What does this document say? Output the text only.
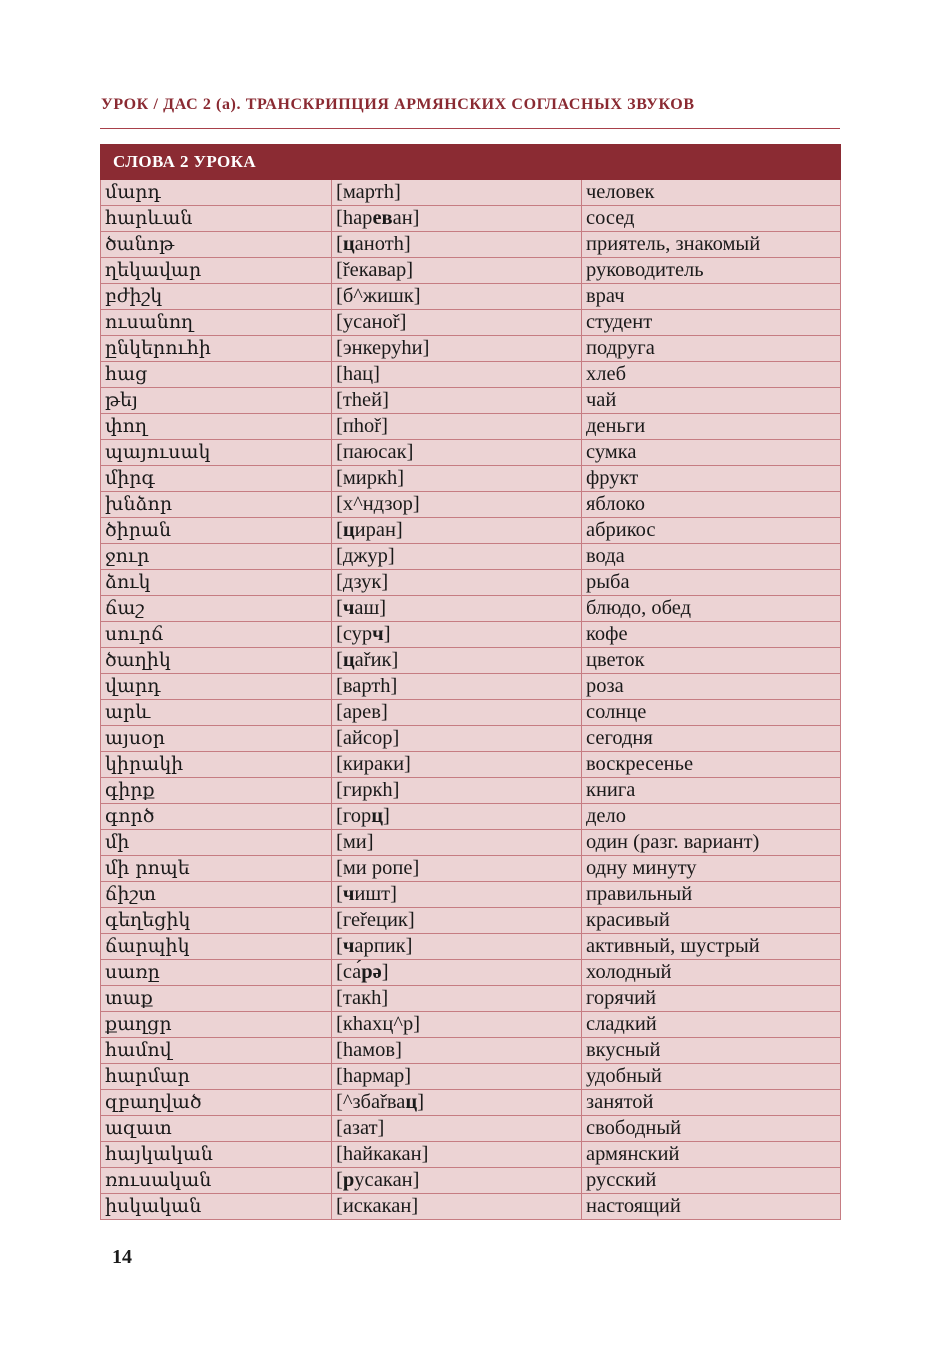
УРОК / ДАС 2 (а). ТРАНСКРИПЦИЯ АРМЯНСКИХ СОГЛАСНЫХ ЗВУКОВ
СЛОВА 2 УРОКА		
մարդ	[мартh]	человек
հարևան	[hареван]	сосед
ծանոթ	[цанотh]	приятель, знакомый
ղեկավար	[řекавар]	руководитель
բժիշկ	[б^жишк]	врач
ուսանող	[усаноř]	студент
ընկերուհի	[энкеруhи]	подруга
հաց	[hац]	хлеб
թեյ	[тhей]	чай
փող	[пhoř]	деньги
պայուսակ	[паюсак]	сумка
միրգ	[миркh]	фрукт
խնձոր	[х^ндзор]	яблоко
ծիրան	[циран]	абрикос
ջուր	[джур]	вода
ձուկ	[дзук]	рыба
ճաշ	[чаш]	блюдо, обед
սուրճ	[сурч]	кофе
ծաղիկ	[цаřик]	цветок
վարդ	[вартh]	роза
արև	[арев]	солнце
այսօր	[айсор]	сегодня
կիրակի	[кираки]	воскресенье
գիրք	[гиркh]	книга
գործ	[горц]	дело
մի	[ми]	один (разг. вариант)
մի րոպե	[ми ропе]	одну минуту
ճիշտ	[чишт]	правильный
գեղեցիկ	[геřецик]	красивый
ճարպիկ	[чарпик]	активный, шустрый
սառը	[са́рə]	холодный
տաք	[такh]	горячий
քաղցր	[кhахц^р]	сладкий
համով	[hамов]	вкусный
հարմար	[hармар]	удобный
զբաղված	[^збаřвац]	занятой
ազատ	[азат]	свободный
հայկական	[hайкакан]	армянский
ռուսական	[русакан]	русский
իսկական	[искакан]	настоящий
14
